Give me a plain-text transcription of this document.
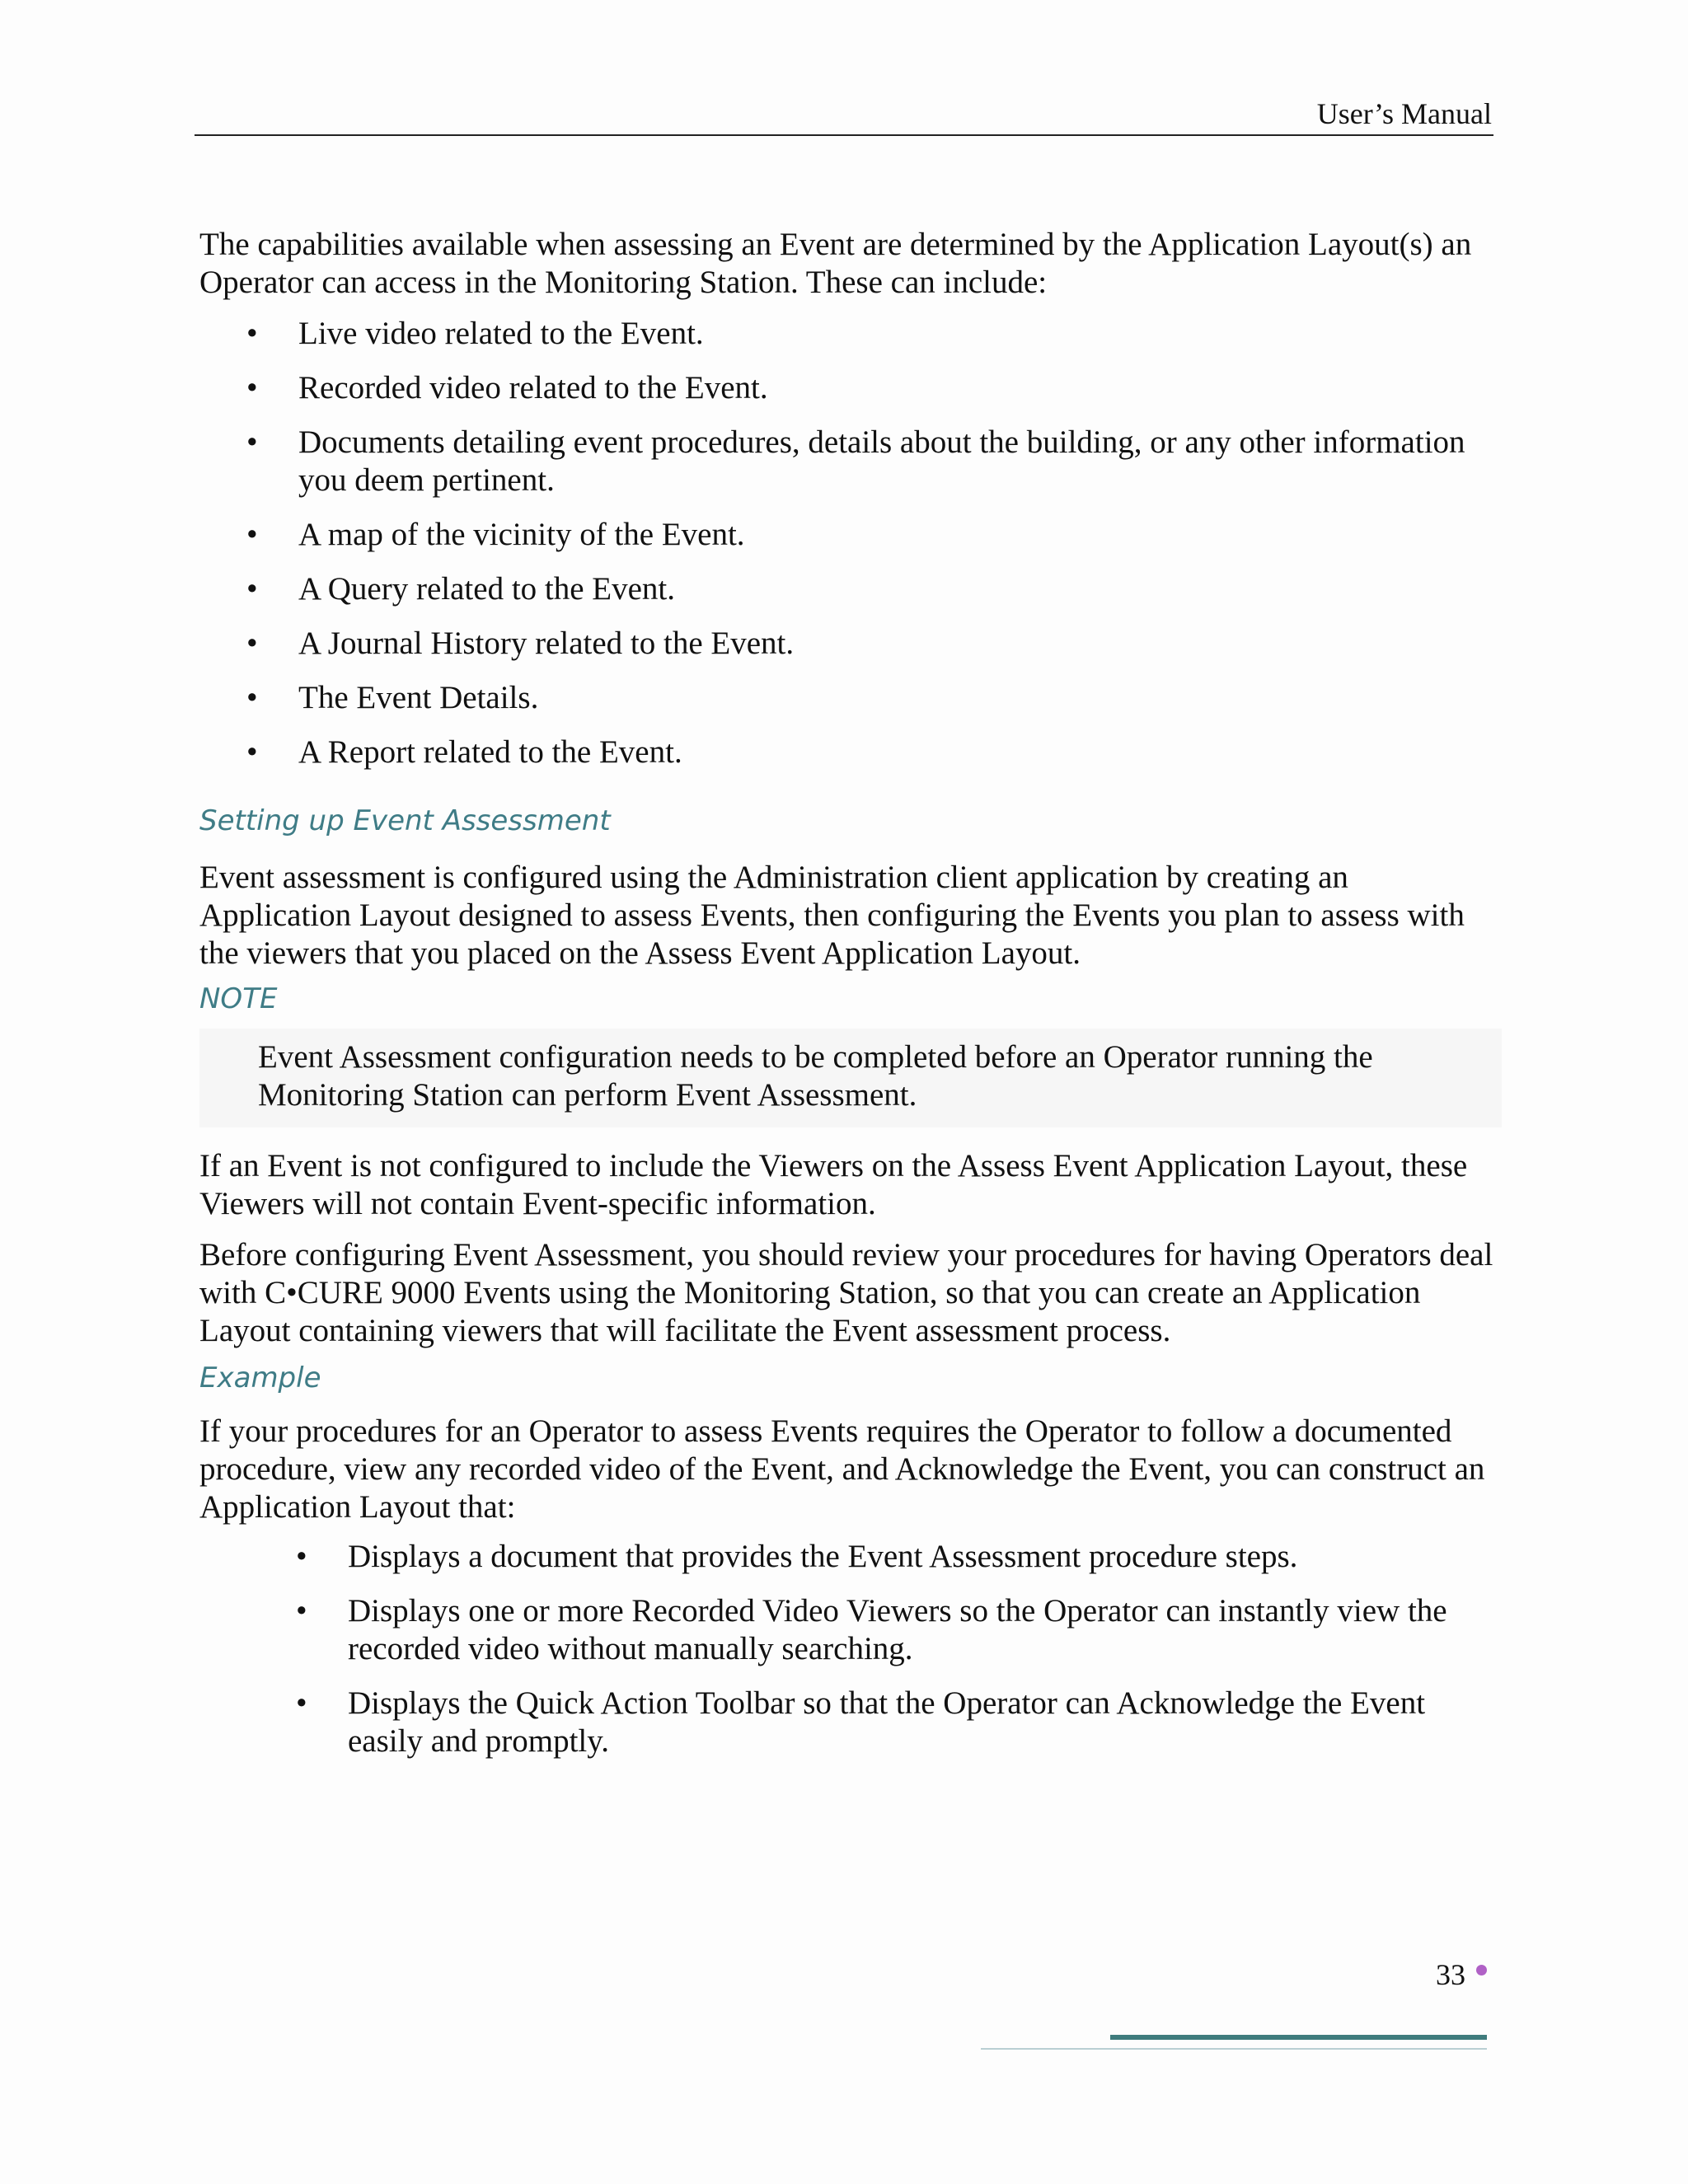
User’s Manual

The capabilities available when assessing an Event are determined by the Application Layout(s) an Operator can access in the Monitoring Station. These can include:

• Live video related to the Event.
• Recorded video related to the Event.
• Documents detailing event procedures, details about the building, or any other information you deem pertinent.
• A map of the vicinity of the Event.
• A Query related to the Event.
• A Journal History related to the Event.
• The Event Details.
• A Report related to the Event.
Setting up Event Assessment

Event assessment is configured using the Administration client application by creating an Application Layout designed to assess Events, then configuring the Events you plan to assess with the viewers that you placed on the Assess Event Application Layout.

NOTE

Event Assessment configuration needs to be completed before an Operator running the Monitoring Station can perform Event Assessment.

If an Event is not configured to include the Viewers on the Assess Event Application Layout, these Viewers will not contain Event-specific information.

Before configuring Event Assessment, you should review your procedures for having Operators deal with C•CURE 9000 Events using the Monitoring Station, so that you can create an Application Layout containing viewers that will facilitate the Event assessment process.

Example

If your procedures for an Operator to assess Events requires the Operator to follow a documented procedure, view any recorded video of the Event, and Acknowledge the Event, you can construct an Application Layout that:

• Displays a document that provides the Event Assessment procedure steps.
• Displays one or more Recorded Video Viewers so the Operator can instantly view the recorded video without manually searching.
• Displays the Quick Action Toolbar so that the Operator can Acknowledge the Event easily and promptly.
33
